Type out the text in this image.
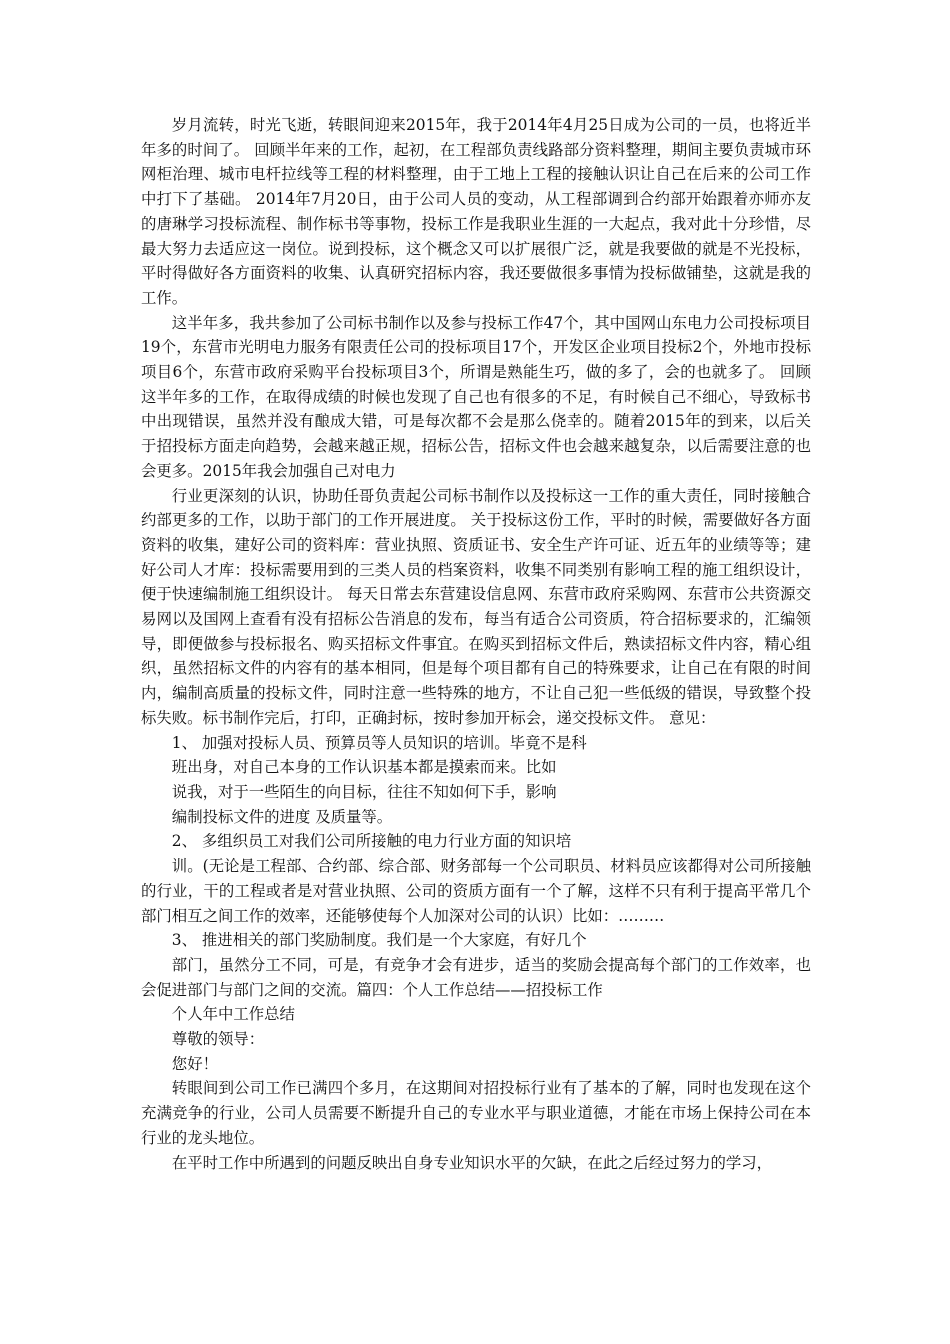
岁月流转，时光飞逝，转眼间迎来2015年，我于2014年4月25日成为公司的一员，也将近半年多的时间了。 回顾半年来的工作，起初，在工程部负责线路部分资料整理，期间主要负责城市环网柜治理、城市电杆拉线等工程的材料整理，由于工地上工程的接触认识让自己在后来的公司工作中打下了基础。 2014年7月20日，由于公司人员的变动，从工程部调到合约部开始跟着亦师亦友的唐琳学习投标流程、制作标书等事物，投标工作是我职业生涯的一大起点，我对此十分珍惜，尽最大努力去适应这一岗位。说到投标，这个概念又可以扩展很广泛，就是我要做的就是不光投标，平时得做好各方面资料的收集、认真研究招标内容，我还要做很多事情为投标做铺垫，这就是我的工作。

这半年多，我共参加了公司标书制作以及参与投标工作47个，其中国网山东电力公司投标项目19个，东营市光明电力服务有限责任公司的投标项目17个，开发区企业项目投标2个，外地市投标项目6个，东营市政府采购平台投标项目3个，所谓是熟能生巧，做的多了，会的也就多了。 回顾这半年多的工作，在取得成绩的时候也发现了自己也有很多的不足，有时候自己不细心，导致标书中出现错误，虽然并没有酿成大错，可是每次都不会是那么侥幸的。随着2015年的到来，以后关于招投标方面走向趋势，会越来越正规，招标公告，招标文件也会越来越复杂，以后需要注意的也会更多。2015年我会加强自己对电力

行业更深刻的认识，协助任哥负责起公司标书制作以及投标这一工作的重大责任，同时接触合约部更多的工作，以助于部门的工作开展进度。 关于投标这份工作，平时的时候，需要做好各方面资料的收集，建好公司的资料库：营业执照、资质证书、安全生产许可证、近五年的业绩等等；建好公司人才库：投标需要用到的三类人员的档案资料，收集不同类别有影响工程的施工组织设计，便于快速编制施工组织设计。 每天日常去东营建设信息网、东营市政府采购网、东营市公共资源交易网以及国网上查看有没有招标公告消息的发布，每当有适合公司资质，符合招标要求的，汇编领导，即便做参与投标报名、购买招标文件事宜。在购买到招标文件后，熟读招标文件内容，精心组织，虽然招标文件的内容有的基本相同，但是每个项目都有自己的特殊要求，让自己在有限的时间内，编制高质量的投标文件，同时注意一些特殊的地方，不让自己犯一些低级的错误，导致整个投标失败。标书制作完后，打印，正确封标，按时参加开标会，递交投标文件。 意见：

1、 加强对投标人员、预算员等人员知识的培训。毕竟不是科

班出身，对自己本身的工作认识基本都是摸索而来。比如

说我，对于一些陌生的向目标，往往不知如何下手，影响

编制投标文件的进度 及质量等。

2、 多组织员工对我们公司所接触的电力行业方面的知识培

训。(无论是工程部、合约部、综合部、财务部每一个公司职员、材料员应该都得对公司所接触的行业，干的工程或者是对营业执照、公司的资质方面有一个了解，这样不只有利于提高平常几个部门相互之间工作的效率，还能够使每个人加深对公司的认识）比如：………

3、 推进相关的部门奖励制度。我们是一个大家庭，有好几个

部门，虽然分工不同，可是，有竞争才会有进步，适当的奖励会提高每个部门的工作效率，也会促进部门与部门之间的交流。篇四：个人工作总结——招投标工作

个人年中工作总结

尊敬的领导：

您好！

转眼间到公司工作已满四个多月，在这期间对招投标行业有了基本的了解，同时也发现在这个充满竞争的行业，公司人员需要不断提升自己的专业水平与职业道德，才能在市场上保持公司在本行业的龙头地位。

在平时工作中所遇到的问题反映出自身专业知识水平的欠缺，在此之后经过努力的学习，
